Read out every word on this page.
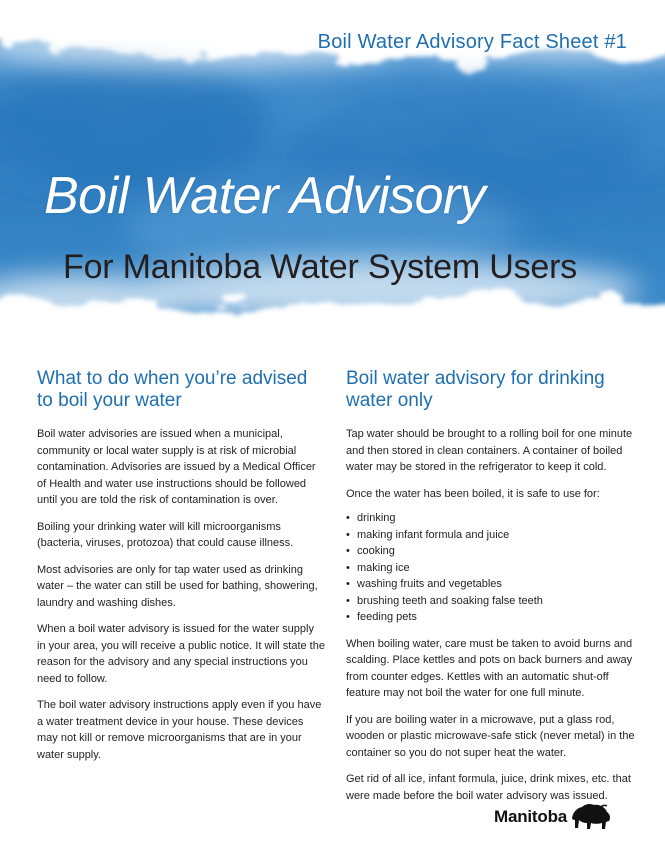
Boil Water Advisory Fact Sheet #1
Boil Water Advisory
For Manitoba Water System Users
What to do when you’re advised to boil your water

Boil water advisories are issued when a municipal, community or local water supply is at risk of microbial contamination. Advisories are issued by a Medical Officer of Health and water use instructions should be followed until you are told the risk of contamination is over.

Boiling your drinking water will kill microorganisms (bacteria, viruses, protozoa) that could cause illness.

Most advisories are only for tap water used as drinking water – the water can still be used for bathing, showering, laundry and washing dishes.

When a boil water advisory is issued for the water supply in your area, you will receive a public notice. It will state the reason for the advisory and any special instructions you need to follow.

The boil water advisory instructions apply even if you have a water treatment device in your house. These devices may not kill or remove microorganisms that are in your water supply.

Boil water advisory for drinking water only

Tap water should be brought to a rolling boil for one minute and then stored in clean containers. A container of boiled water may be stored in the refrigerator to keep it cold.

Once the water has been boiled, it is safe to use for:

• drinking
• making infant formula and juice
• cooking
• making ice
• washing fruits and vegetables
• brushing teeth and soaking false teeth
• feeding pets

When boiling water, care must be taken to avoid burns and scalding. Place kettles and pots on back burners and away from counter edges. Kettles with an automatic shut-off feature may not boil the water for one full minute.

If you are boiling water in a microwave, put a glass rod, wooden or plastic microwave-safe stick (never metal) in the container so you do not super heat the water.

Get rid of all ice, infant formula, juice, drink mixes, etc. that were made before the boil water advisory was issued.

Manitoba
